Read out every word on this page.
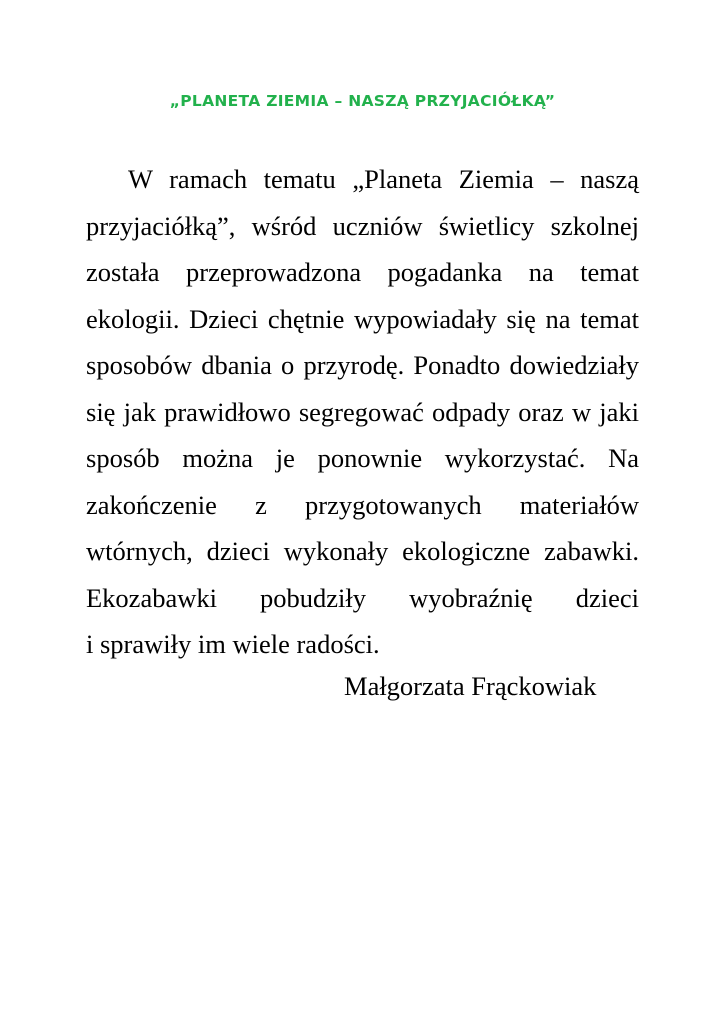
„PLANETA ZIEMIA – NASZĄ PRZYJACIÓŁKĄ”
W ramach tematu „Planeta Ziemia – naszą
przyjaciółką”, wśród uczniów świetlicy szkolnej
została przeprowadzona pogadanka na temat
ekologii. Dzieci chętnie wypowiadały się na temat
sposobów dbania o przyrodę. Ponadto dowiedziały
się jak prawidłowo segregować odpady oraz w jaki
sposób można je ponownie wykorzystać. Na
zakończenie z przygotowanych materiałów
wtórnych, dzieci wykonały ekologiczne zabawki.
Ekozabawki pobudziły wyobraźnię dzieci
i sprawiły im wiele radości.
Małgorzata Frąckowiak
